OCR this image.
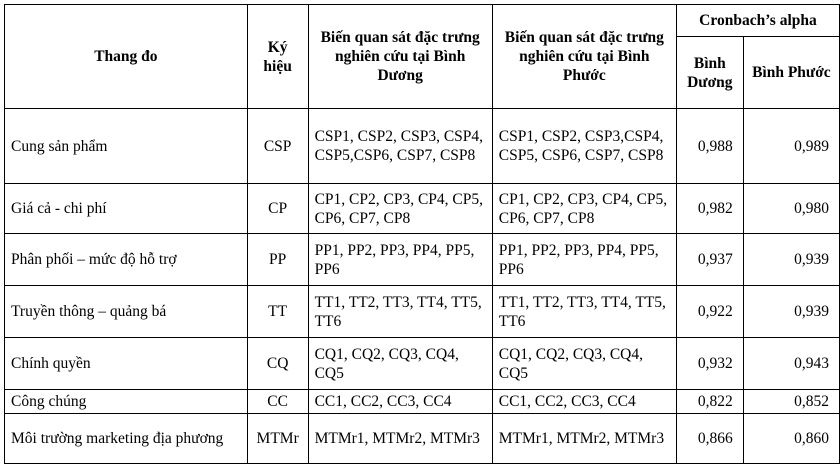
Thang đo	Ký hiệu	Biến quan sát đặc trưng nghiên cứu tại Bình Dương	Biến quan sát đặc trưng nghiên cứu tại Bình Phước	Cronbach’s alpha	
				Bình Dương	Bình Phước
Cung sản phẩm	CSP	CSP1, CSP2, CSP3, CSP4, CSP5,CSP6, CSP7, CSP8	CSP1, CSP2, CSP3,CSP4, CSP5, CSP6, CSP7, CSP8	0,988	0,989
Giá cả - chi phí	CP	CP1, CP2, CP3, CP4, CP5, CP6, CP7, CP8	CP1, CP2, CP3, CP4, CP5, CP6, CP7, CP8	0,982	0,980
Phân phối – mức độ hỗ trợ	PP	PP1, PP2, PP3, PP4, PP5, PP6	PP1, PP2, PP3, PP4, PP5, PP6	0,937	0,939
Truyền thông – quảng bá	TT	TT1, TT2, TT3, TT4, TT5, TT6	TT1, TT2, TT3, TT4, TT5, TT6	0,922	0,939
Chính quyền	CQ	CQ1, CQ2, CQ3, CQ4, CQ5	CQ1, CQ2, CQ3, CQ4, CQ5	0,932	0,943
Công chúng	CC	CC1, CC2, CC3, CC4	CC1, CC2, CC3, CC4	0,822	0,852
Môi trường marketing địa phương	MTMr	MTMr1, MTMr2, MTMr3	MTMr1, MTMr2, MTMr3	0,866	0,860
